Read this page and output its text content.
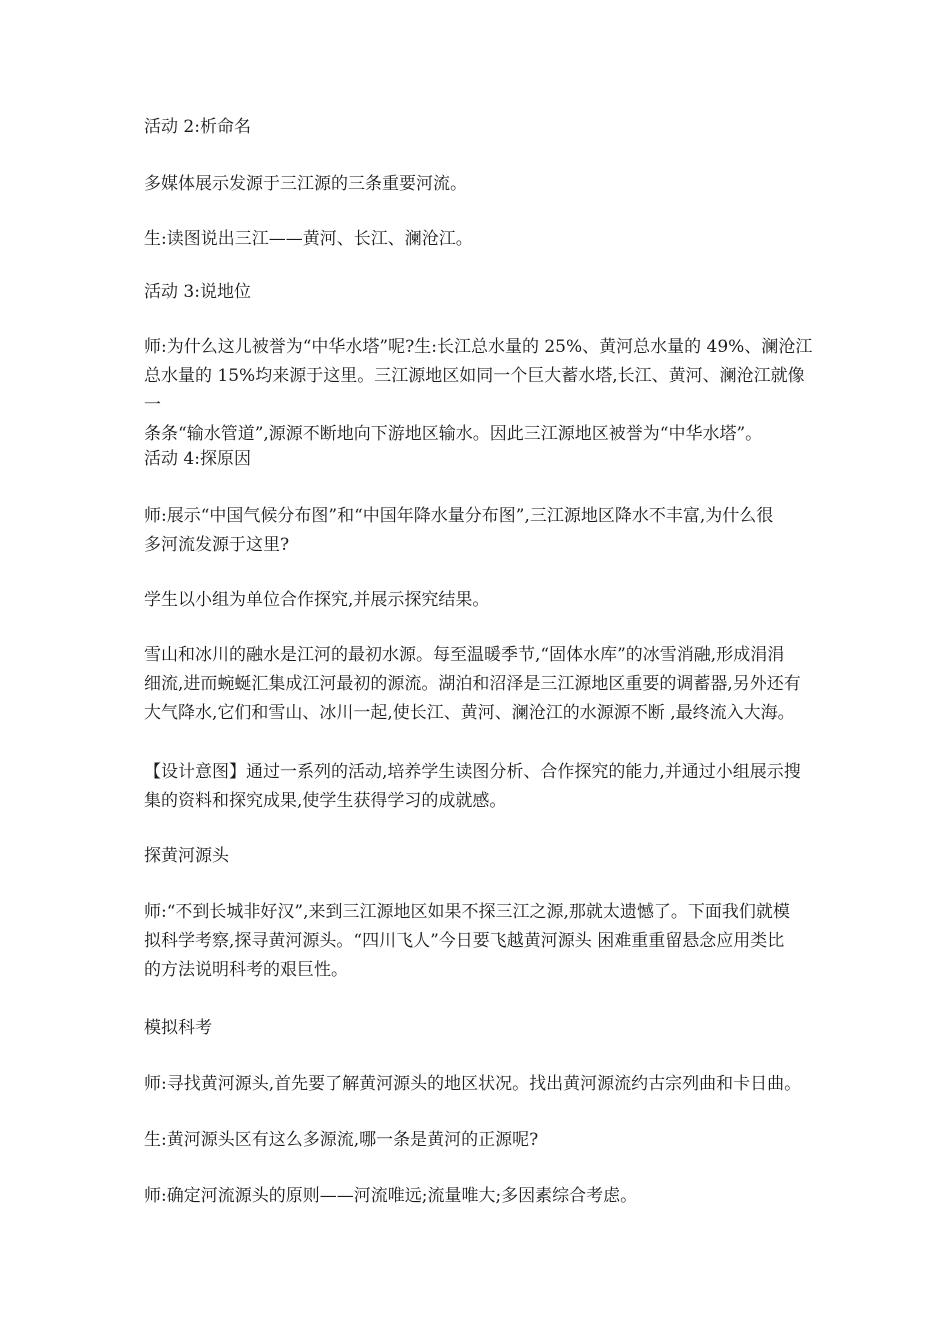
活动 2:析命名
多媒体展示发源于三江源的三条重要河流。
生:读图说出三江——黄河、长江、澜沧江。
活动 3:说地位
师:为什么这儿被誉为“中华水塔”呢?生:长江总水量的 25%、黄河总水量的 49%、澜沧江
总水量的 15%均来源于这里。三江源地区如同一个巨大蓄水塔,长江、黄河、澜沧江就像一
条条“输水管道”,源源不断地向下游地区输水。因此三江源地区被誉为“中华水塔”。
活动 4:探原因
师:展示“中国气候分布图”和“中国年降水量分布图”,三江源地区降水不丰富,为什么很
多河流发源于这里?
学生以小组为单位合作探究,并展示探究结果。
雪山和冰川的融水是江河的最初水源。每至温暖季节,“固体水库”的冰雪消融,形成涓涓
细流,进而蜿蜒汇集成江河最初的源流。湖泊和沼泽是三江源地区重要的调蓄器,另外还有
大气降水,它们和雪山、冰川一起,使长江、黄河、澜沧江的水源源不断 ,最终流入大海。
【设计意图】通过一系列的活动,培养学生读图分析、合作探究的能力,并通过小组展示搜
集的资料和探究成果,使学生获得学习的成就感。
探黄河源头
师:“不到长城非好汉”,来到三江源地区如果不探三江之源,那就太遗憾了。下面我们就模
拟科学考察,探寻黄河源头。“四川飞人”今日要飞越黄河源头 困难重重留悬念应用类比
的方法说明科考的艰巨性。
模拟科考
师:寻找黄河源头,首先要了解黄河源头的地区状况。找出黄河源流约古宗列曲和卡日曲。
生:黄河源头区有这么多源流,哪一条是黄河的正源呢?
师:确定河流源头的原则——河流唯远;流量唯大;多因素综合考虑。
